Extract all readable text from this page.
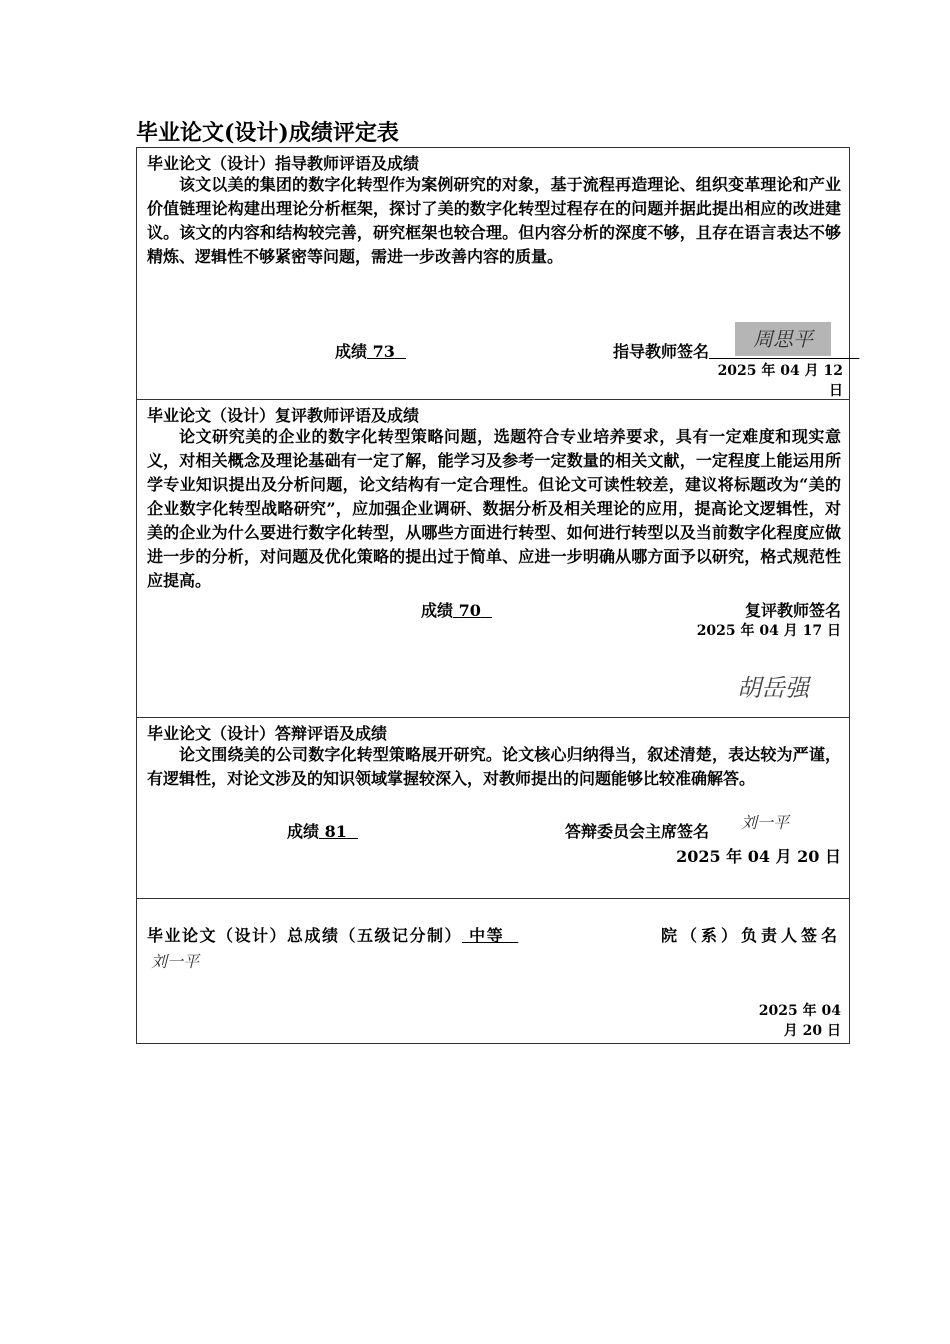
毕业论文(设计)成绩评定表
毕业论文（设计）指导教师评语及成绩

该文以美的集团的数字化转型作为案例研究的对象，基于流程再造理论、组织变革理论和产业价值链理论构建出理论分析框架，探讨了美的数字化转型过程存在的问题并据此提出相应的改进建议。该文的内容和结构较完善，研究框架也较合理。但内容分析的深度不够，且存在语言表达不够精炼、逻辑性不够紧密等问题，需进一步改善内容的质量。

成绩 73	指导教师签名
周思平
2025 年 04 月 12
日
毕业论文（设计）复评教师评语及成绩

论文研究美的企业的数字化转型策略问题，选题符合专业培养要求，具有一定难度和现实意义，对相关概念及理论基础有一定了解，能学习及参考一定数量的相关文献，一定程度上能运用所学专业知识提出及分析问题，论文结构有一定合理性。但论文可读性较差，建议将标题改为“美的企业数字化转型战略研究”，应加强企业调研、数据分析及相关理论的应用，提高论文逻辑性，对美的企业为什么要进行数字化转型，从哪些方面进行转型、如何进行转型以及当前数字化程度应做进一步的分析，对问题及优化策略的提出过于简单、应进一步明确从哪方面予以研究，格式规范性应提高。

成绩 70	复评教师签名
2025 年 04 月 17 日
胡岳强
毕业论文（设计）答辩评语及成绩

论文围绕美的公司数字化转型策略展开研究。论文核心归纳得当，叙述清楚，表达较为严谨，有逻辑性，对论文涉及的知识领域掌握较深入，对教师提出的问题能够比较准确解答。

成绩 81	答辩委员会主席签名 刘一平
2025 年 04 月 20 日
毕业论文（设计）总成绩（五级记分制） 中等	院（系）负责人签名
刘一平
2025 年 04
月 20 日
